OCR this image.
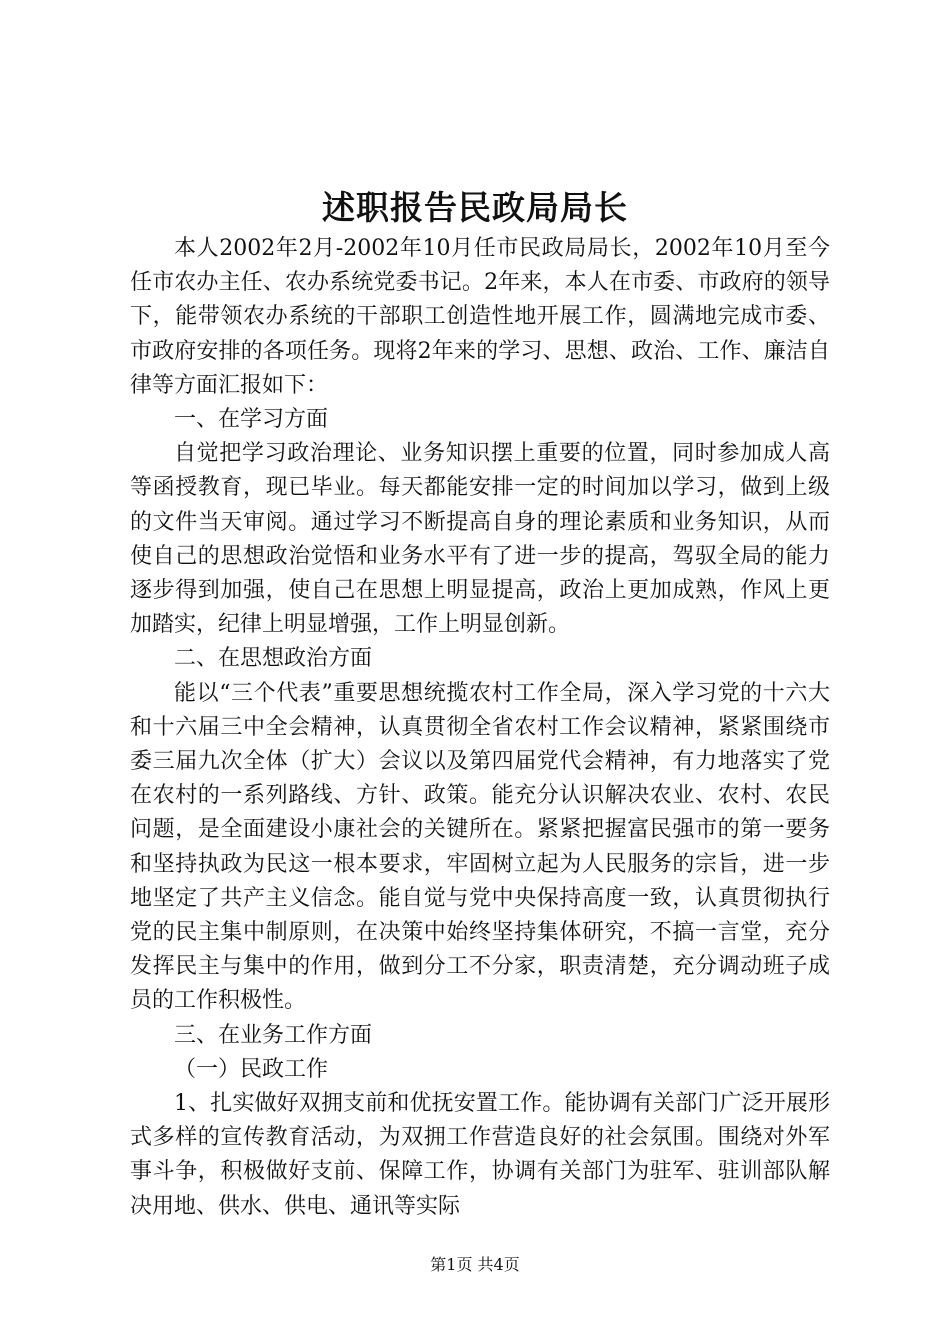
述职报告民政局局长

本人2002年2月-2002年10月任市民政局局长，2002年10月至今任市农办主任、农办系统党委书记。2年来，本人在市委、市政府的领导下，能带领农办系统的干部职工创造性地开展工作，圆满地完成市委、市政府安排的各项任务。现将2年来的学习、思想、政治、工作、廉洁自律等方面汇报如下：

一、在学习方面

自觉把学习政治理论、业务知识摆上重要的位置，同时参加成人高等函授教育，现已毕业。每天都能安排一定的时间加以学习，做到上级的文件当天审阅。通过学习不断提高自身的理论素质和业务知识，从而使自己的思想政治觉悟和业务水平有了进一步的提高，驾驭全局的能力逐步得到加强，使自己在思想上明显提高，政治上更加成熟，作风上更加踏实，纪律上明显增强，工作上明显创新。

二、在思想政治方面

能以“三个代表”重要思想统揽农村工作全局，深入学习党的十六大和十六届三中全会精神，认真贯彻全省农村工作会议精神，紧紧围绕市委三届九次全体（扩大）会议以及第四届党代会精神，有力地落实了党在农村的一系列路线、方针、政策。能充分认识解决农业、农村、农民问题，是全面建设小康社会的关键所在。紧紧把握富民强市的第一要务和坚持执政为民这一根本要求，牢固树立起为人民服务的宗旨，进一步地坚定了共产主义信念。能自觉与党中央保持高度一致，认真贯彻执行党的民主集中制原则，在决策中始终坚持集体研究，不搞一言堂，充分发挥民主与集中的作用，做到分工不分家，职责清楚，充分调动班子成员的工作积极性。

三、在业务工作方面

（一）民政工作

1、扎实做好双拥支前和优抚安置工作。能协调有关部门广泛开展形式多样的宣传教育活动，为双拥工作营造良好的社会氛围。围绕对外军事斗争，积极做好支前、保障工作，协调有关部门为驻军、驻训部队解决用地、供水、供电、通讯等实际

第1页 共4页
